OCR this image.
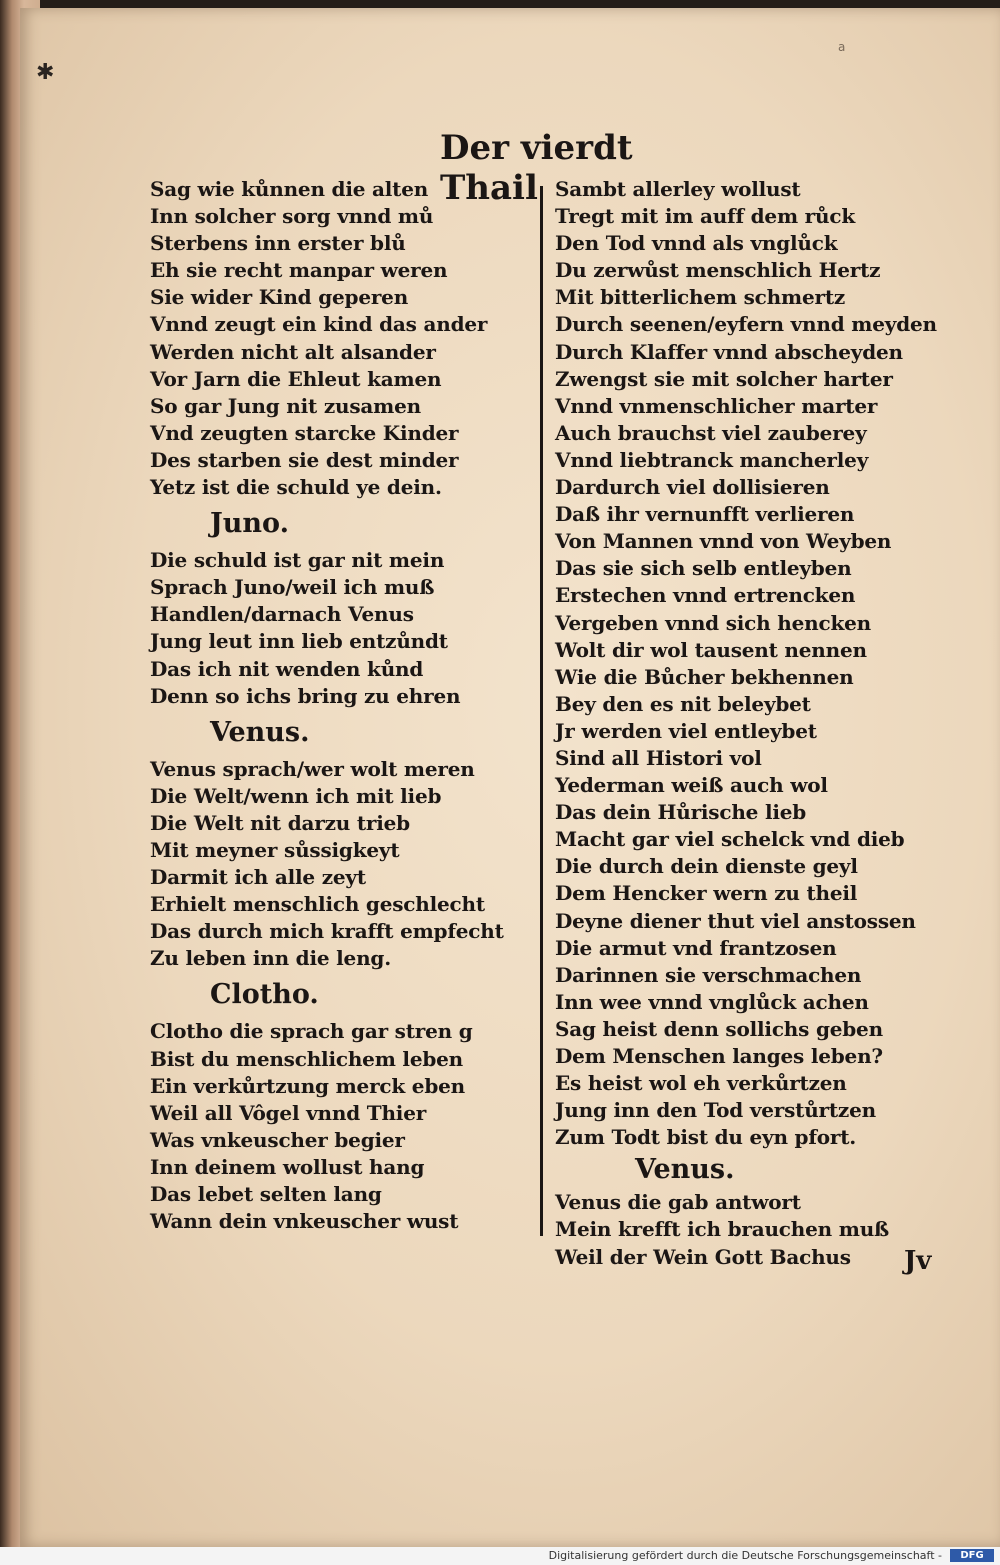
✱
a
Der vierdt Thail
Sag wie kůnnen die alten
Inn solcher sorg vnnd mů
Sterbens inn erster blů
Eh sie recht manpar weren
Sie wider Kind geperen
Vnnd zeugt ein kind das ander
Werden nicht alt alsander
Vor Jarn die Ehleut kamen
So gar Jung nit zusamen
Vnd zeugten starcke Kinder
Des starben sie dest minder
Yetz ist die schuld ye dein.
Juno.
Die schuld ist gar nit mein
Sprach Juno/weil ich muß
Handlen/darnach Venus
Jung leut inn lieb entzůndt
Das ich nit wenden kůnd
Denn so ichs bring zu ehren
Venus.
Venus sprach/wer wolt meren
Die Welt/wenn ich mit lieb
Die Welt nit darzu trieb
Mit meyner sůssigkeyt
Darmit ich alle zeyt
Erhielt menschlich geschlecht
Das durch mich krafft empfecht
Zu leben inn die leng.
Clotho.
Clotho die sprach gar stren g
Bist du menschlichem leben
Ein verkůrtzung merck eben
Weil all Vôgel vnnd Thier
Was vnkeuscher begier
Inn deinem wollust hang
Das lebet selten lang
Wann dein vnkeuscher wust
Sambt allerley wollust
Tregt mit im auff dem růck
Den Tod vnnd als vnglůck
Du zerwůst menschlich Hertz
Mit bitterlichem schmertz
Durch seenen/eyfern vnnd meyden
Durch Klaffer vnnd abscheyden
Zwengst sie mit solcher harter
Vnnd vnmenschlicher marter
Auch brauchst viel zauberey
Vnnd liebtranck mancherley
Dardurch viel dollisieren
Daß ihr vernunfft verlieren
Von Mannen vnnd von Weyben
Das sie sich selb entleyben
Erstechen vnnd ertrencken
Vergeben vnnd sich hencken
Wolt dir wol tausent nennen
Wie die Bůcher bekhennen
Bey den es nit beleybet
Jr werden viel entleybet
Sind all Histori vol
Yederman weiß auch wol
Das dein Hůrische lieb
Macht gar viel schelck vnd dieb
Die durch dein dienste geyl
Dem Hencker wern zu theil
Deyne diener thut viel anstossen
Die armut vnd frantzosen
Darinnen sie verschmachen
Inn wee vnnd vnglůck achen
Sag heist denn sollichs geben
Dem Menschen langes leben?
Es heist wol eh verkůrtzen
Jung inn den Tod verstůrtzen
Zum Todt bist du eyn pfort.
Venus.
Venus die gab antwort
Mein krefft ich brauchen muß
Weil der Wein Gott Bachus	Jv
Digitalisierung gefördert durch die Deutsche Forschungsgemeinschaft -	DFG
